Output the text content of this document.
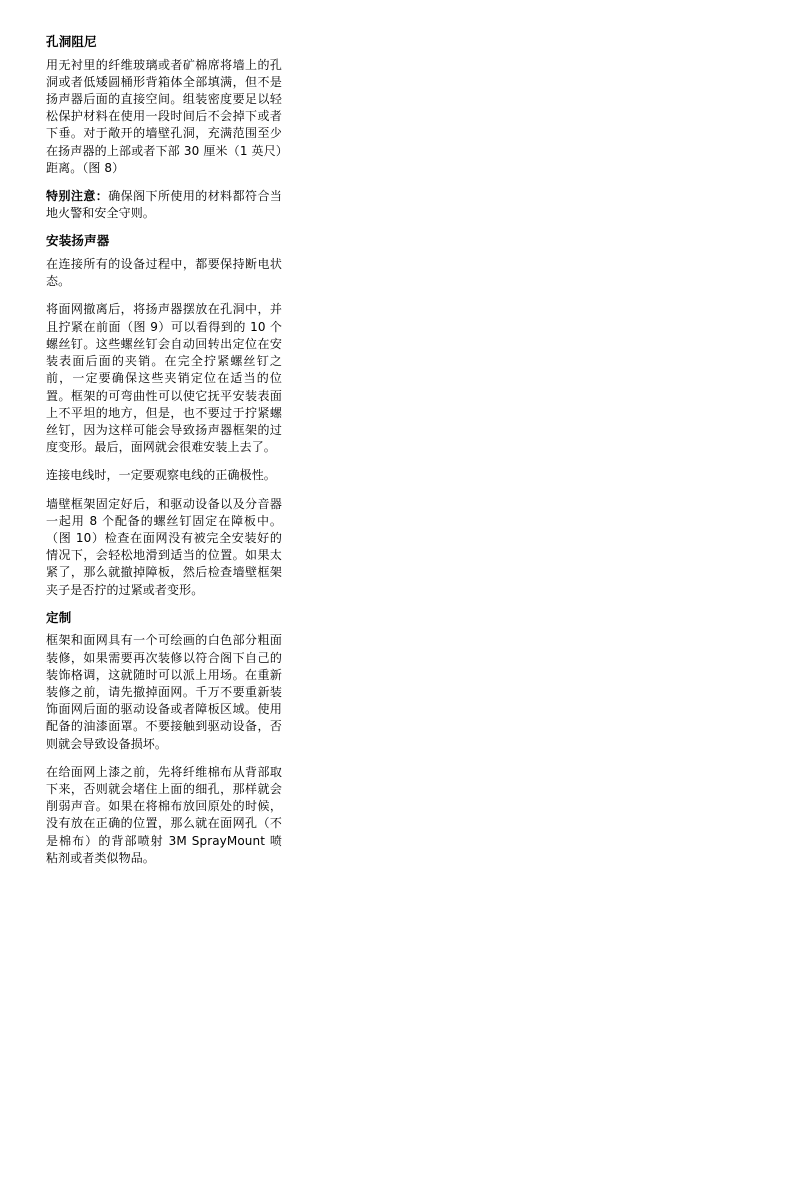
孔洞阻尼

用无衬里的纤维玻璃或者矿棉席将墙上的孔洞或者低矮圆桶形背箱体全部填满，但不是扬声器后面的直接空间。组装密度要足以轻松保护材料在使用一段时间后不会掉下或者下垂。对于敞开的墙壁孔洞，充满范围至少在扬声器的上部或者下部 30 厘米（1 英尺）距离。（图 8）

特别注意：确保阁下所使用的材料都符合当地火警和安全守则。

安装扬声器

在连接所有的设备过程中，都要保持断电状态。

将面网撤离后，将扬声器摆放在孔洞中，并且拧紧在前面（图 9）可以看得到的 10 个螺丝钉。这些螺丝钉会自动回转出定位在安装表面后面的夹销。在完全拧紧螺丝钉之前，一定要确保这些夹销定位在适当的位置。框架的可弯曲性可以使它抚平安装表面上不平坦的地方，但是，也不要过于拧紧螺丝钉，因为这样可能会导致扬声器框架的过度变形。最后，面网就会很难安装上去了。

连接电线时，一定要观察电线的正确极性。

墙壁框架固定好后，和驱动设备以及分音器一起用 8 个配备的螺丝钉固定在障板中。（图 10）检查在面网没有被完全安装好的情况下，会轻松地滑到适当的位置。如果太紧了，那么就撤掉障板，然后检查墙壁框架夹子是否拧的过紧或者变形。

定制

框架和面网具有一个可绘画的白色部分粗面装修，如果需要再次装修以符合阁下自己的装饰格调，这就随时可以派上用场。在重新装修之前，请先撤掉面网。千万不要重新装饰面网后面的驱动设备或者障板区域。使用配备的油漆面罩。不要接触到驱动设备，否则就会导致设备损坏。

在给面网上漆之前，先将纤维棉布从背部取下来，否则就会堵住上面的细孔，那样就会削弱声音。如果在将棉布放回原处的时候，没有放在正确的位置，那么就在面网孔（不是棉布）的背部喷射 3M SprayMount 喷粘剂或者类似物品。
